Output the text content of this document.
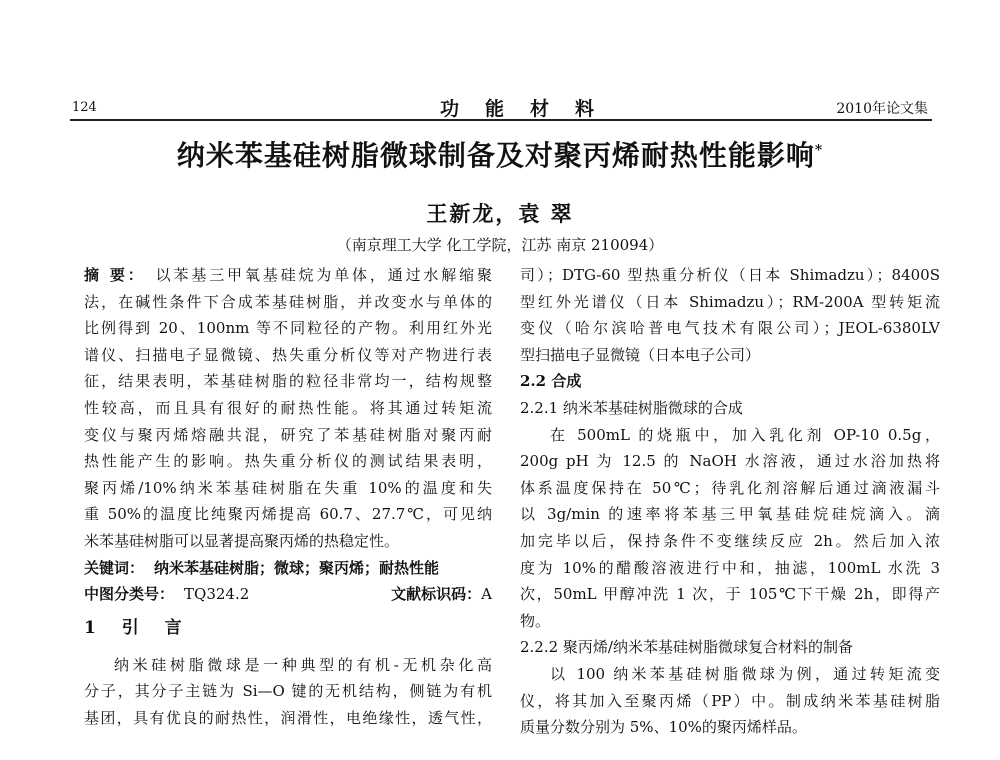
124	功能材料	2010年论文集
纳米苯基硅树脂微球制备及对聚丙烯耐热性能影响*
王新龙，袁 翠
（南京理工大学 化工学院，江苏 南京 210094）
摘 要： 以苯基三甲氧基硅烷为单体，通过水解缩聚
法，在碱性条件下合成苯基硅树脂，并改变水与单体的
比例得到 20、100nm 等不同粒径的产物。利用红外光
谱仪、扫描电子显微镜、热失重分析仪等对产物进行表
征，结果表明，苯基硅树脂的粒径非常均一，结构规整
性较高，而且具有很好的耐热性能。将其通过转矩流
变仪与聚丙烯熔融共混，研究了苯基硅树脂对聚丙耐
热性能产生的影响。热失重分析仪的测试结果表明，
聚丙烯/10%纳米苯基硅树脂在失重 10%的温度和失
重 50%的温度比纯聚丙烯提高 60.7、27.7℃，可见纳
米苯基硅树脂可以显著提高聚丙烯的热稳定性。
关键词： 纳米苯基硅树脂；微球；聚丙烯；耐热性能
中图分类号： TQ324.2	文献标识码：A
1 引 言
纳米硅树脂微球是一种典型的有机-无机杂化高
分子，其分子主链为 Si—O 键的无机结构，侧链为有机
基团，具有优良的耐热性，润滑性，电绝缘性，透气性，
司）；DTG-60 型热重分析仪（日本 Shimadzu）；8400S
型红外光谱仪（日本 Shimadzu）；RM-200A 型转矩流
变仪（哈尔滨哈普电气技术有限公司）；JEOL-6380LV
型扫描电子显微镜（日本电子公司）
2.2 合成
2.2.1 纳米苯基硅树脂微球的合成
在 500mL 的烧瓶中，加入乳化剂 OP-10 0.5g，
200g pH 为 12.5 的 NaOH 水溶液，通过水浴加热将
体系温度保持在 50℃；待乳化剂溶解后通过滴液漏斗
以 3g/min 的速率将苯基三甲氧基硅烷硅烷滴入。滴
加完毕以后，保持条件不变继续反应 2h。然后加入浓
度为 10%的醋酸溶液进行中和，抽滤，100mL 水洗 3
次，50mL 甲醇冲洗 1 次，于 105℃下干燥 2h，即得产
物。
2.2.2 聚丙烯/纳米苯基硅树脂微球复合材料的制备
以 100 纳米苯基硅树脂微球为例，通过转矩流变
仪，将其加入至聚丙烯（PP）中。制成纳米苯基硅树脂
质量分数分别为 5%、10%的聚丙烯样品。
